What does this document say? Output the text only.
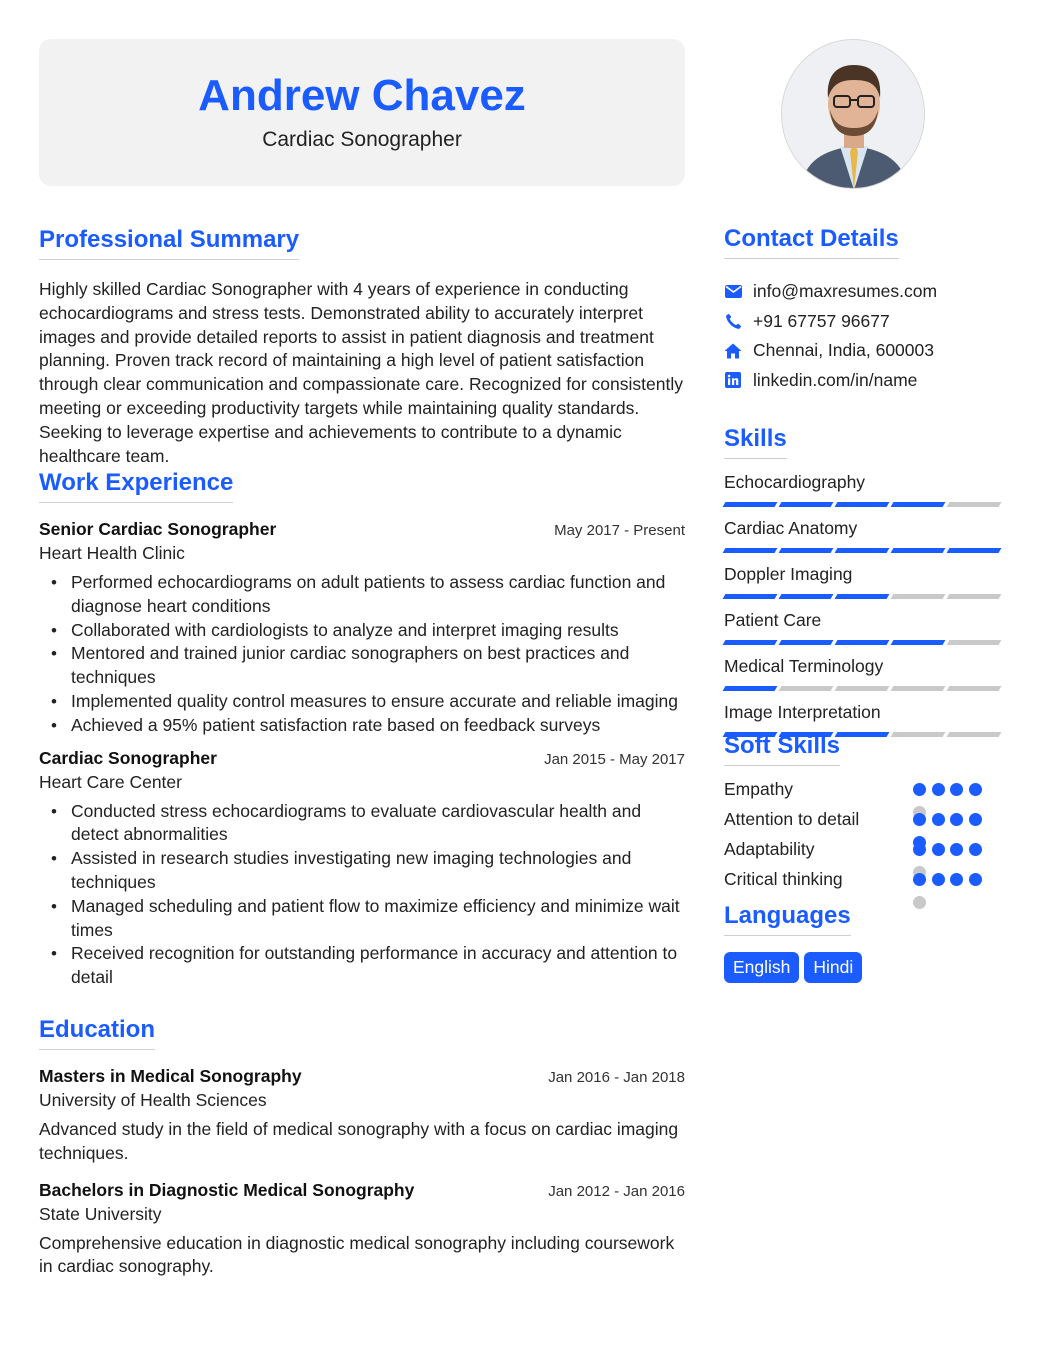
Andrew Chavez
Cardiac Sonographer
Professional Summary

Highly skilled Cardiac Sonographer with 4 years of experience in conducting echocardiograms and stress tests. Demonstrated ability to accurately interpret images and provide detailed reports to assist in patient diagnosis and treatment planning. Proven track record of maintaining a high level of patient satisfaction through clear communication and compassionate care. Recognized for consistently meeting or exceeding productivity targets while maintaining quality standards. Seeking to leverage expertise and achievements to contribute to a dynamic healthcare team.

Work Experience
Senior Cardiac Sonographer	May 2017 - Present
Heart Health Clinic
• Performed echocardiograms on adult patients to assess cardiac function and diagnose heart conditions
• Collaborated with cardiologists to analyze and interpret imaging results
• Mentored and trained junior cardiac sonographers on best practices and techniques
• Implemented quality control measures to ensure accurate and reliable imaging
• Achieved a 95% patient satisfaction rate based on feedback surveys
Cardiac Sonographer	Jan 2015 - May 2017
Heart Care Center
• Conducted stress echocardiograms to evaluate cardiovascular health and detect abnormalities
• Assisted in research studies investigating new imaging technologies and techniques
• Managed scheduling and patient flow to maximize efficiency and minimize wait times
• Received recognition for outstanding performance in accuracy and attention to detail
Education
Masters in Medical Sonography	Jan 2016 - Jan 2018
University of Health Sciences

Advanced study in the field of medical sonography with a focus on cardiac imaging techniques.

Bachelors in Diagnostic Medical Sonography	Jan 2012 - Jan 2016
State University

Comprehensive education in diagnostic medical sonography including coursework in cardiac sonography.

Contact Details
info@maxresumes.com
+91 67757 96677
Chennai, India, 600003
linkedin.com/in/name
Skills
Echocardiography
Cardiac Anatomy
Doppler Imaging
Patient Care
Medical Terminology
Image Interpretation
Soft Skills
Empathy
Attention to detail
Adaptability
Critical thinking
Languages
English	Hindi
